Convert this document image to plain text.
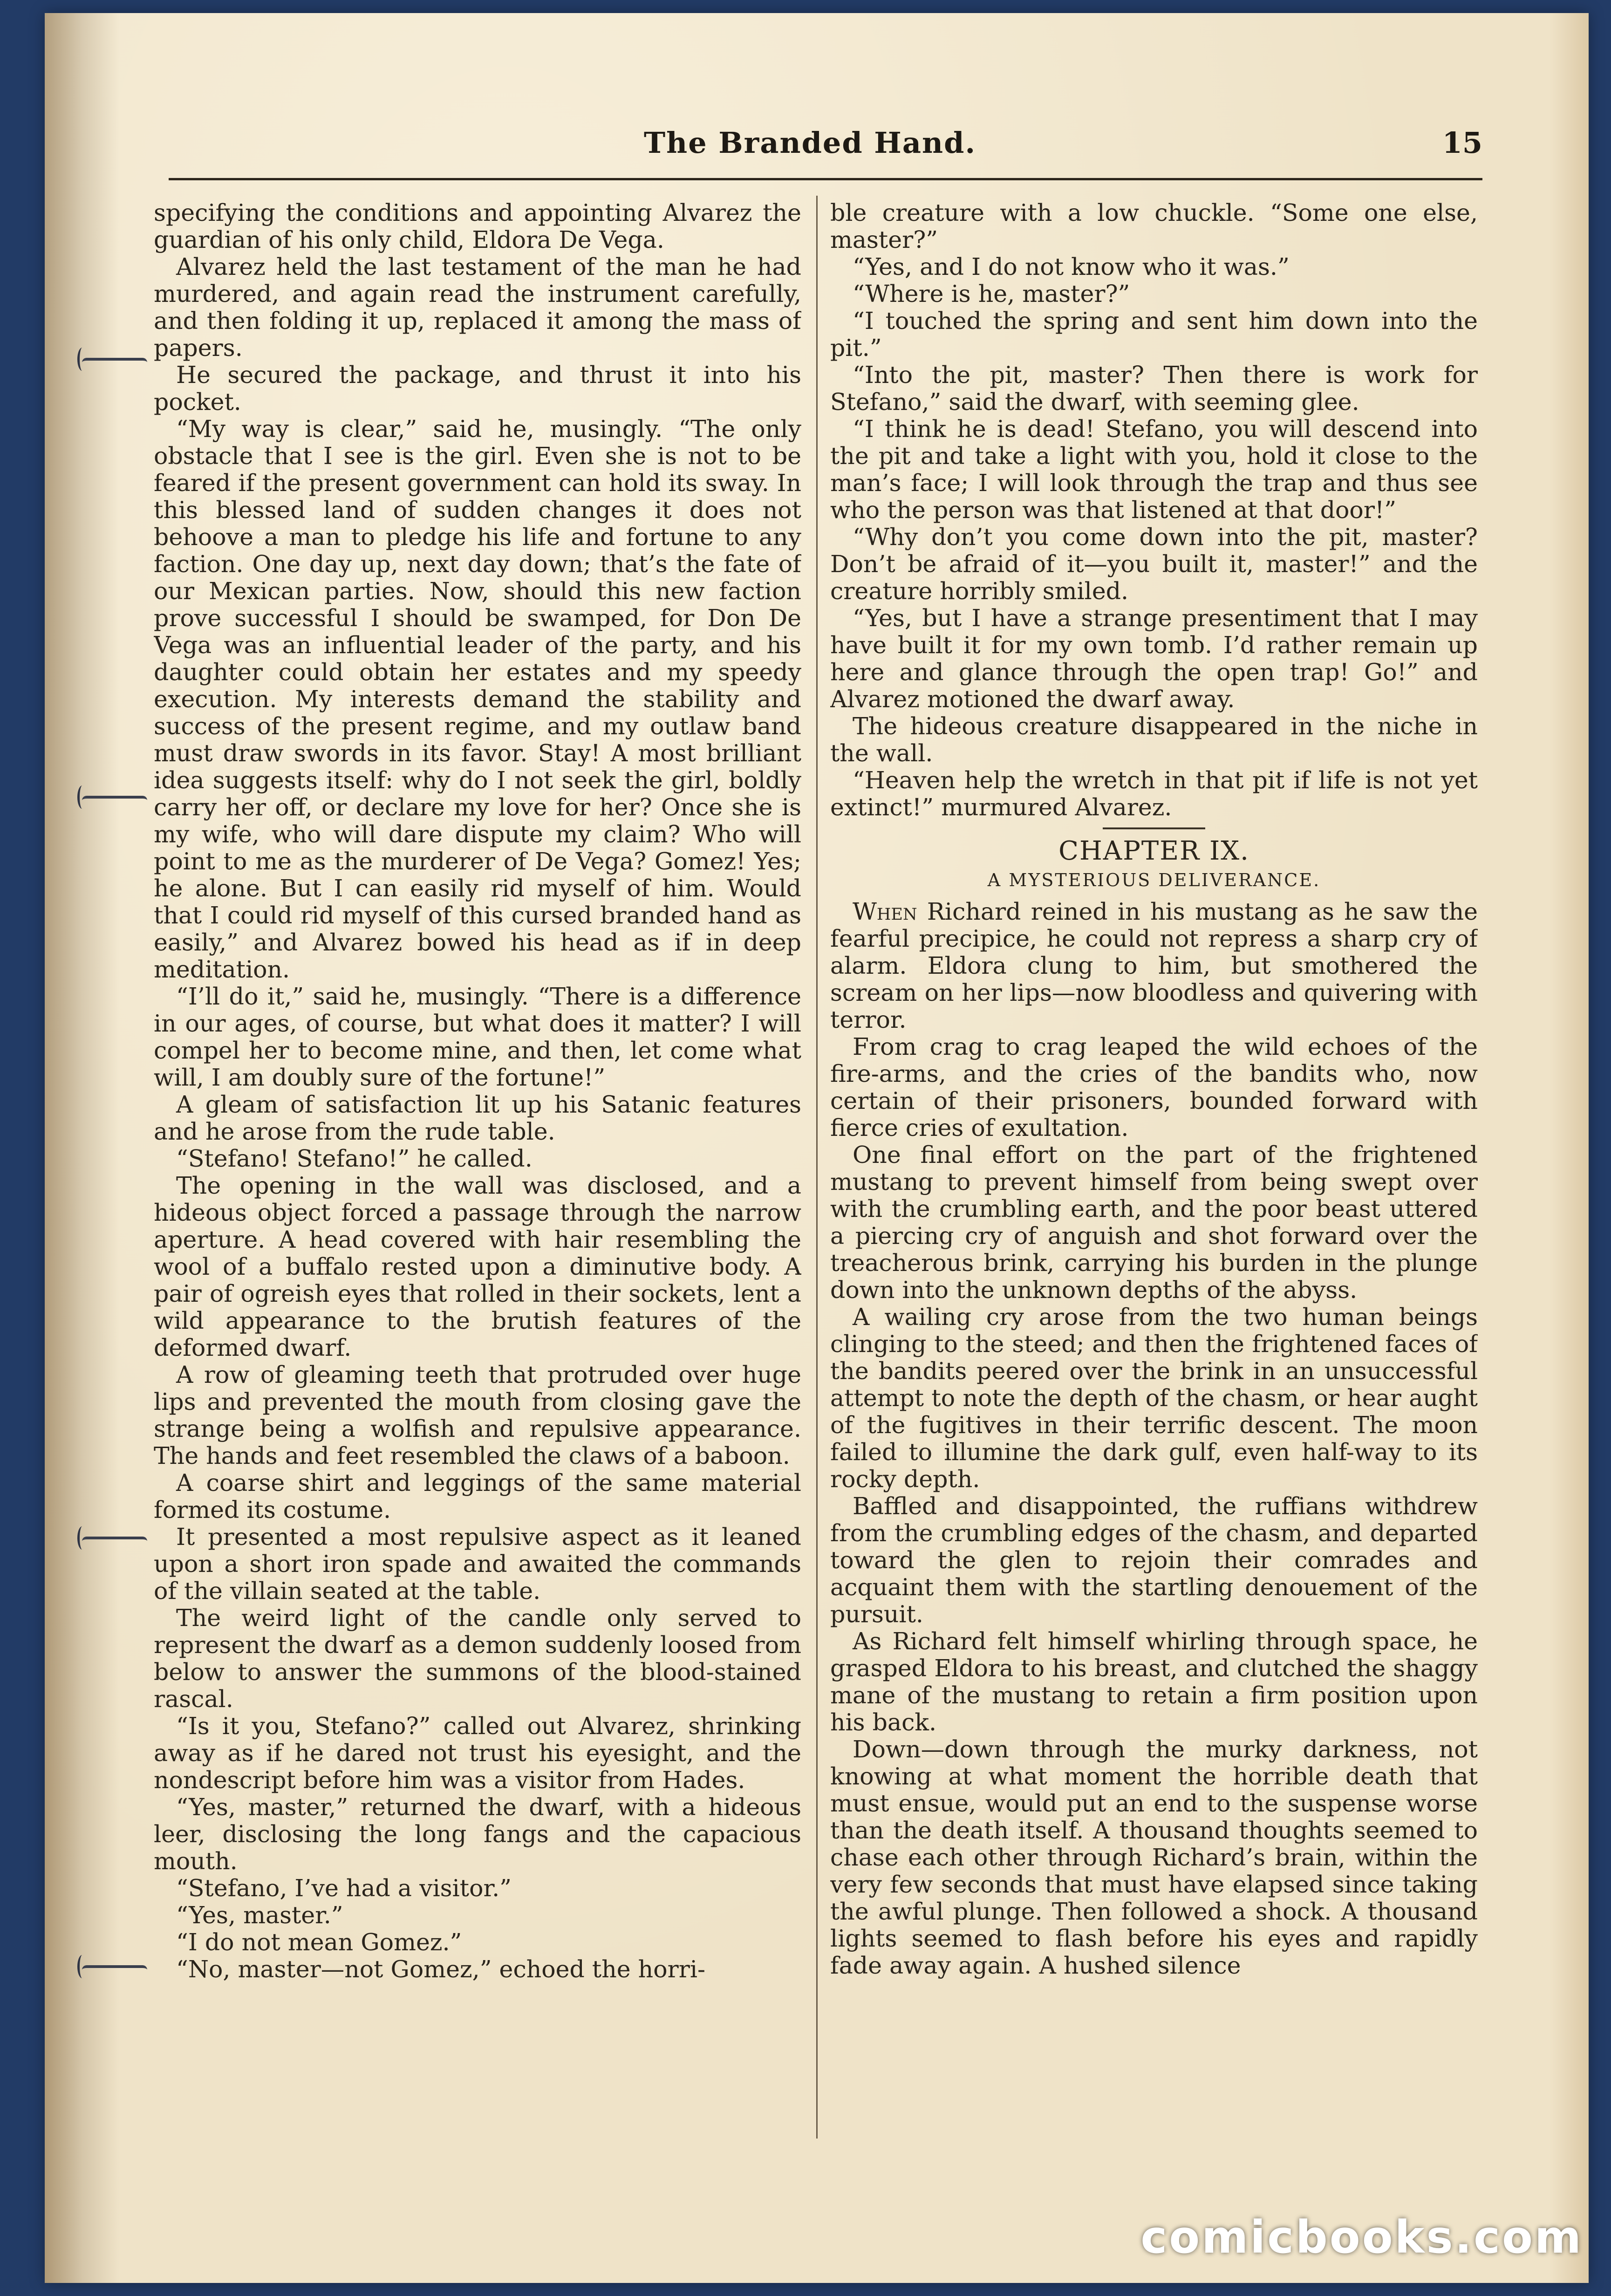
The Branded Hand.	15

specifying the conditions and appointing Alvarez the guardian of his only child, Eldora De Vega.

Alvarez held the last testament of the man he had murdered, and again read the instrument carefully, and then folding it up, replaced it among the mass of papers.

He secured the package, and thrust it into his pocket.

“My way is clear,” said he, musingly. “The only obstacle that I see is the girl. Even she is not to be feared if the present government can hold its sway. In this blessed land of sudden changes it does not behoove a man to pledge his life and fortune to any faction. One day up, next day down; that’s the fate of our Mexican parties. Now, should this new faction prove successful I should be swamped, for Don De Vega was an influential leader of the party, and his daughter could obtain her estates and my speedy execution. My interests demand the stability and success of the present regime, and my outlaw band must draw swords in its favor. Stay! A most brilliant idea suggests itself: why do I not seek the girl, boldly carry her off, or declare my love for her? Once she is my wife, who will dare dispute my claim? Who will point to me as the murderer of De Vega? Gomez! Yes; he alone. But I can easily rid myself of him. Would that I could rid myself of this cursed branded hand as easily,” and Alvarez bowed his head as if in deep meditation.

“I’ll do it,” said he, musingly. “There is a difference in our ages, of course, but what does it matter? I will compel her to become mine, and then, let come what will, I am doubly sure of the fortune!”

A gleam of satisfaction lit up his Satanic features and he arose from the rude table.

“Stefano! Stefano!” he called.

The opening in the wall was disclosed, and a hideous object forced a passage through the narrow aperture. A head covered with hair resembling the wool of a buffalo rested upon a diminutive body. A pair of ogreish eyes that rolled in their sockets, lent a wild appearance to the brutish features of the deformed dwarf.

A row of gleaming teeth that protruded over huge lips and prevented the mouth from closing gave the strange being a wolfish and repulsive appearance. The hands and feet resembled the claws of a baboon.

A coarse shirt and leggings of the same material formed its costume.

It presented a most repulsive aspect as it leaned upon a short iron spade and awaited the commands of the villain seated at the table.

The weird light of the candle only served to represent the dwarf as a demon suddenly loosed from below to answer the summons of the blood-stained rascal.

“Is it you, Stefano?” called out Alvarez, shrinking away as if he dared not trust his eyesight, and the nondescript before him was a visitor from Hades.

“Yes, master,” returned the dwarf, with a hideous leer, disclosing the long fangs and the capacious mouth.

“Stefano, I’ve had a visitor.”

“Yes, master.”

“I do not mean Gomez.”

“No, master—not Gomez,” echoed the horri-

ble creature with a low chuckle. “Some one else, master?”

“Yes, and I do not know who it was.”

“Where is he, master?”

“I touched the spring and sent him down into the pit.”

“Into the pit, master? Then there is work for Stefano,” said the dwarf, with seeming glee.

“I think he is dead! Stefano, you will descend into the pit and take a light with you, hold it close to the man’s face; I will look through the trap and thus see who the person was that listened at that door!”

“Why don’t you come down into the pit, master? Don’t be afraid of it—you built it, master!” and the creature horribly smiled.

“Yes, but I have a strange presentiment that I may have built it for my own tomb. I’d rather remain up here and glance through the open trap! Go!” and Alvarez motioned the dwarf away.

The hideous creature disappeared in the niche in the wall.

“Heaven help the wretch in that pit if life is not yet extinct!” murmured Alvarez.

CHAPTER IX.
A MYSTERIOUS DELIVERANCE.

When Richard reined in his mustang as he saw the fearful precipice, he could not repress a sharp cry of alarm. Eldora clung to him, but smothered the scream on her lips—now bloodless and quivering with terror.

From crag to crag leaped the wild echoes of the fire-arms, and the cries of the bandits who, now certain of their prisoners, bounded forward with fierce cries of exultation.

One final effort on the part of the frightened mustang to prevent himself from being swept over with the crumbling earth, and the poor beast uttered a piercing cry of anguish and shot forward over the treacherous brink, carrying his burden in the plunge down into the unknown depths of the abyss.

A wailing cry arose from the two human beings clinging to the steed; and then the frightened faces of the bandits peered over the brink in an unsuccessful attempt to note the depth of the chasm, or hear aught of the fugitives in their terrific descent. The moon failed to illumine the dark gulf, even half-way to its rocky depth.

Baffled and disappointed, the ruffians withdrew from the crumbling edges of the chasm, and departed toward the glen to rejoin their comrades and acquaint them with the startling denouement of the pursuit.

As Richard felt himself whirling through space, he grasped Eldora to his breast, and clutched the shaggy mane of the mustang to retain a firm position upon his back.

Down—down through the murky darkness, not knowing at what moment the horrible death that must ensue, would put an end to the suspense worse than the death itself. A thousand thoughts seemed to chase each other through Richard’s brain, within the very few seconds that must have elapsed since taking the awful plunge. Then followed a shock. A thousand lights seemed to flash before his eyes and rapidly fade away again. A hushed silence

comicbooks.com
